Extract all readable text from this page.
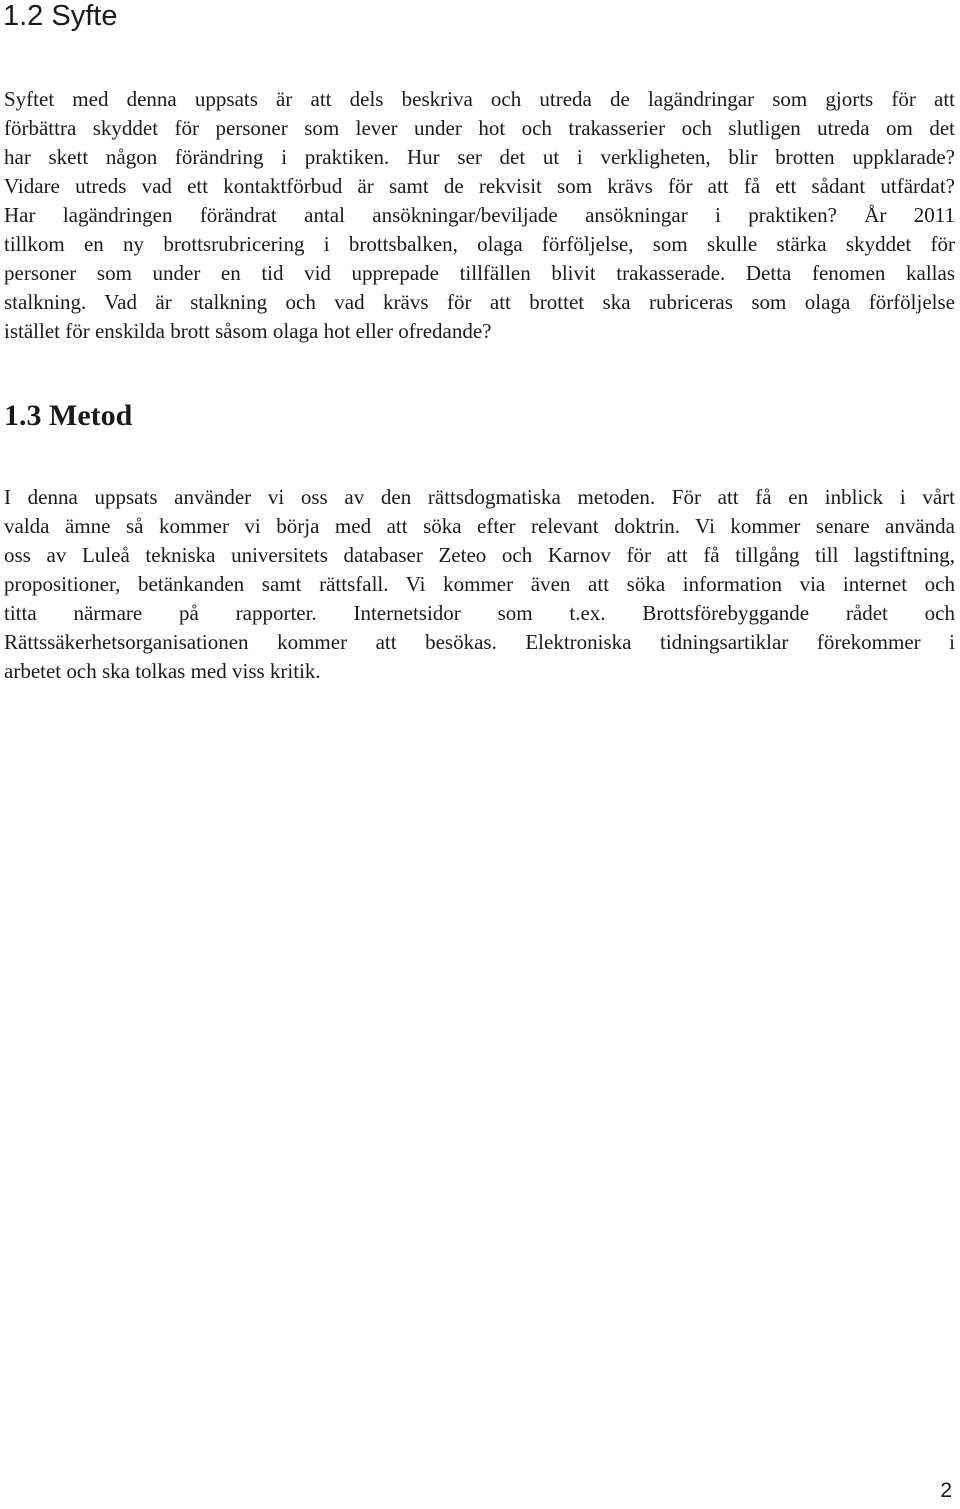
1.2 Syfte
Syftet med denna uppsats är att dels beskriva och utreda de lagändringar som gjorts för att
förbättra skyddet för personer som lever under hot och trakasserier och slutligen utreda om det
har skett någon förändring i praktiken. Hur ser det ut i verkligheten, blir brotten uppklarade?
Vidare utreds vad ett kontaktförbud är samt de rekvisit som krävs för att få ett sådant utfärdat?
Har lagändringen förändrat antal ansökningar/beviljade ansökningar i praktiken? År 2011
tillkom en ny brottsrubricering i brottsbalken, olaga förföljelse, som skulle stärka skyddet för
personer som under en tid vid upprepade tillfällen blivit trakasserade. Detta fenomen kallas
stalkning. Vad är stalkning och vad krävs för att brottet ska rubriceras som olaga förföljelse
istället för enskilda brott såsom olaga hot eller ofredande?
1.3 Metod
I denna uppsats använder vi oss av den rättsdogmatiska metoden. För att få en inblick i vårt
valda ämne så kommer vi börja med att söka efter relevant doktrin. Vi kommer senare använda
oss av Luleå tekniska universitets databaser Zeteo och Karnov för att få tillgång till lagstiftning,
propositioner, betänkanden samt rättsfall. Vi kommer även att söka information via internet och
titta närmare på rapporter. Internetsidor som t.ex. Brottsförebyggande rådet och
Rättssäkerhetsorganisationen kommer att besökas. Elektroniska tidningsartiklar förekommer i
arbetet och ska tolkas med viss kritik.
2
